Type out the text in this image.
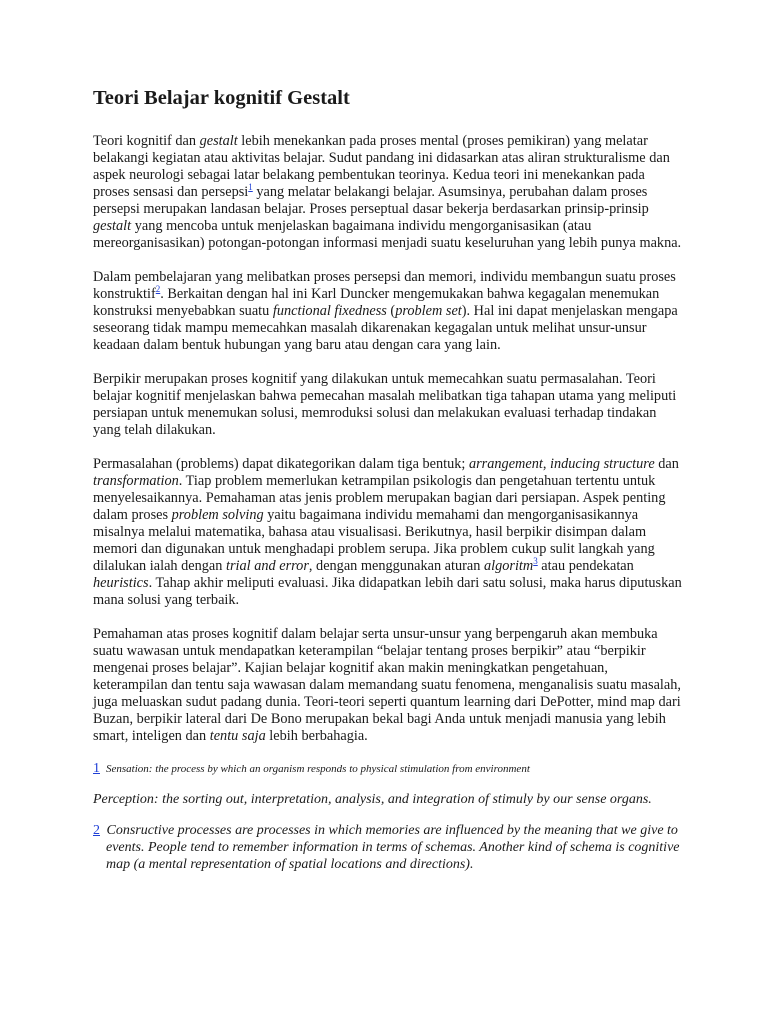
Teori Belajar kognitif Gestalt

Teori kognitif dan gestalt lebih menekankan pada proses mental (proses pemikiran) yang melatar belakangi kegiatan atau aktivitas belajar. Sudut pandang ini didasarkan atas aliran strukturalisme dan aspek neurologi sebagai latar belakang pembentukan teorinya. Kedua teori ini menekankan pada proses sensasi dan persepsi$^1$ yang melatar belakangi belajar. Asumsinya, perubahan dalam proses persepsi merupakan landasan belajar. Proses perseptual dasar bekerja berdasarkan prinsip-prinsip gestalt yang mencoba untuk menjelaskan bagaimana individu mengorganisasikan (atau mereorganisasikan) potongan-potongan informasi menjadi suatu keseluruhan yang lebih punya makna.

Dalam pembelajaran yang melibatkan proses persepsi dan memori, individu membangun suatu proses konstruktif$^2$. Berkaitan dengan hal ini Karl Duncker mengemukakan bahwa kegagalan menemukan konstruksi menyebabkan suatu functional fixedness (problem set). Hal ini dapat menjelaskan mengapa seseorang tidak mampu memecahkan masalah dikarenakan kegagalan untuk melihat unsur-unsur keadaan dalam bentuk hubungan yang baru atau dengan cara yang lain.

Berpikir merupakan proses kognitif yang dilakukan untuk memecahkan suatu permasalahan. Teori belajar kognitif menjelaskan bahwa pemecahan masalah melibatkan tiga tahapan utama yang meliputi persiapan untuk menemukan solusi, memroduksi solusi dan melakukan evaluasi terhadap tindakan yang telah dilakukan.

Permasalahan (problems) dapat dikategorikan dalam tiga bentuk; arrangement, inducing structure dan transformation. Tiap problem memerlukan ketrampilan psikologis dan pengetahuan tertentu untuk menyelesaikannya. Pemahaman atas jenis problem merupakan bagian dari persiapan. Aspek penting dalam proses problem solving yaitu bagaimana individu memahami dan mengorganisasikannya misalnya melalui matematika, bahasa atau visualisasi. Berikutnya, hasil berpikir disimpan dalam memori dan digunakan untuk menghadapi problem serupa. Jika problem cukup sulit langkah yang dilalukan ialah dengan trial and error, dengan menggunakan aturan algoritm$^3$ atau pendekatan heuristics. Tahap akhir meliputi evaluasi. Jika didapatkan lebih dari satu solusi, maka harus diputuskan mana solusi yang terbaik.

Pemahaman atas proses kognitif dalam belajar serta unsur-unsur yang berpengaruh akan membuka suatu wawasan untuk mendapatkan keterampilan “belajar tentang proses berpikir” atau “berpikir mengenai proses belajar”. Kajian belajar kognitif akan makin meningkatkan pengetahuan, keterampilan dan tentu saja wawasan dalam memandang suatu fenomena, menganalisis suatu masalah, juga meluaskan sudut padang dunia. Teori-teori seperti quantum learning dari DePotter, mind map dari Buzan, berpikir lateral dari De Bono merupakan bekal bagi Anda untuk menjadi manusia yang lebih smart, inteligen dan tentu saja lebih berbahagia.

1 Sensation: the process by which an organism responds to physical stimulation from environment

Perception: the sorting out, interpretation, analysis, and integration of stimuly by our sense organs.

2 Consructive processes are processes in which memories are influenced by the meaning that we give to events. People tend to remember information in terms of schemas. Another kind of schema is cognitive map (a mental representation of spatial locations and directions).
